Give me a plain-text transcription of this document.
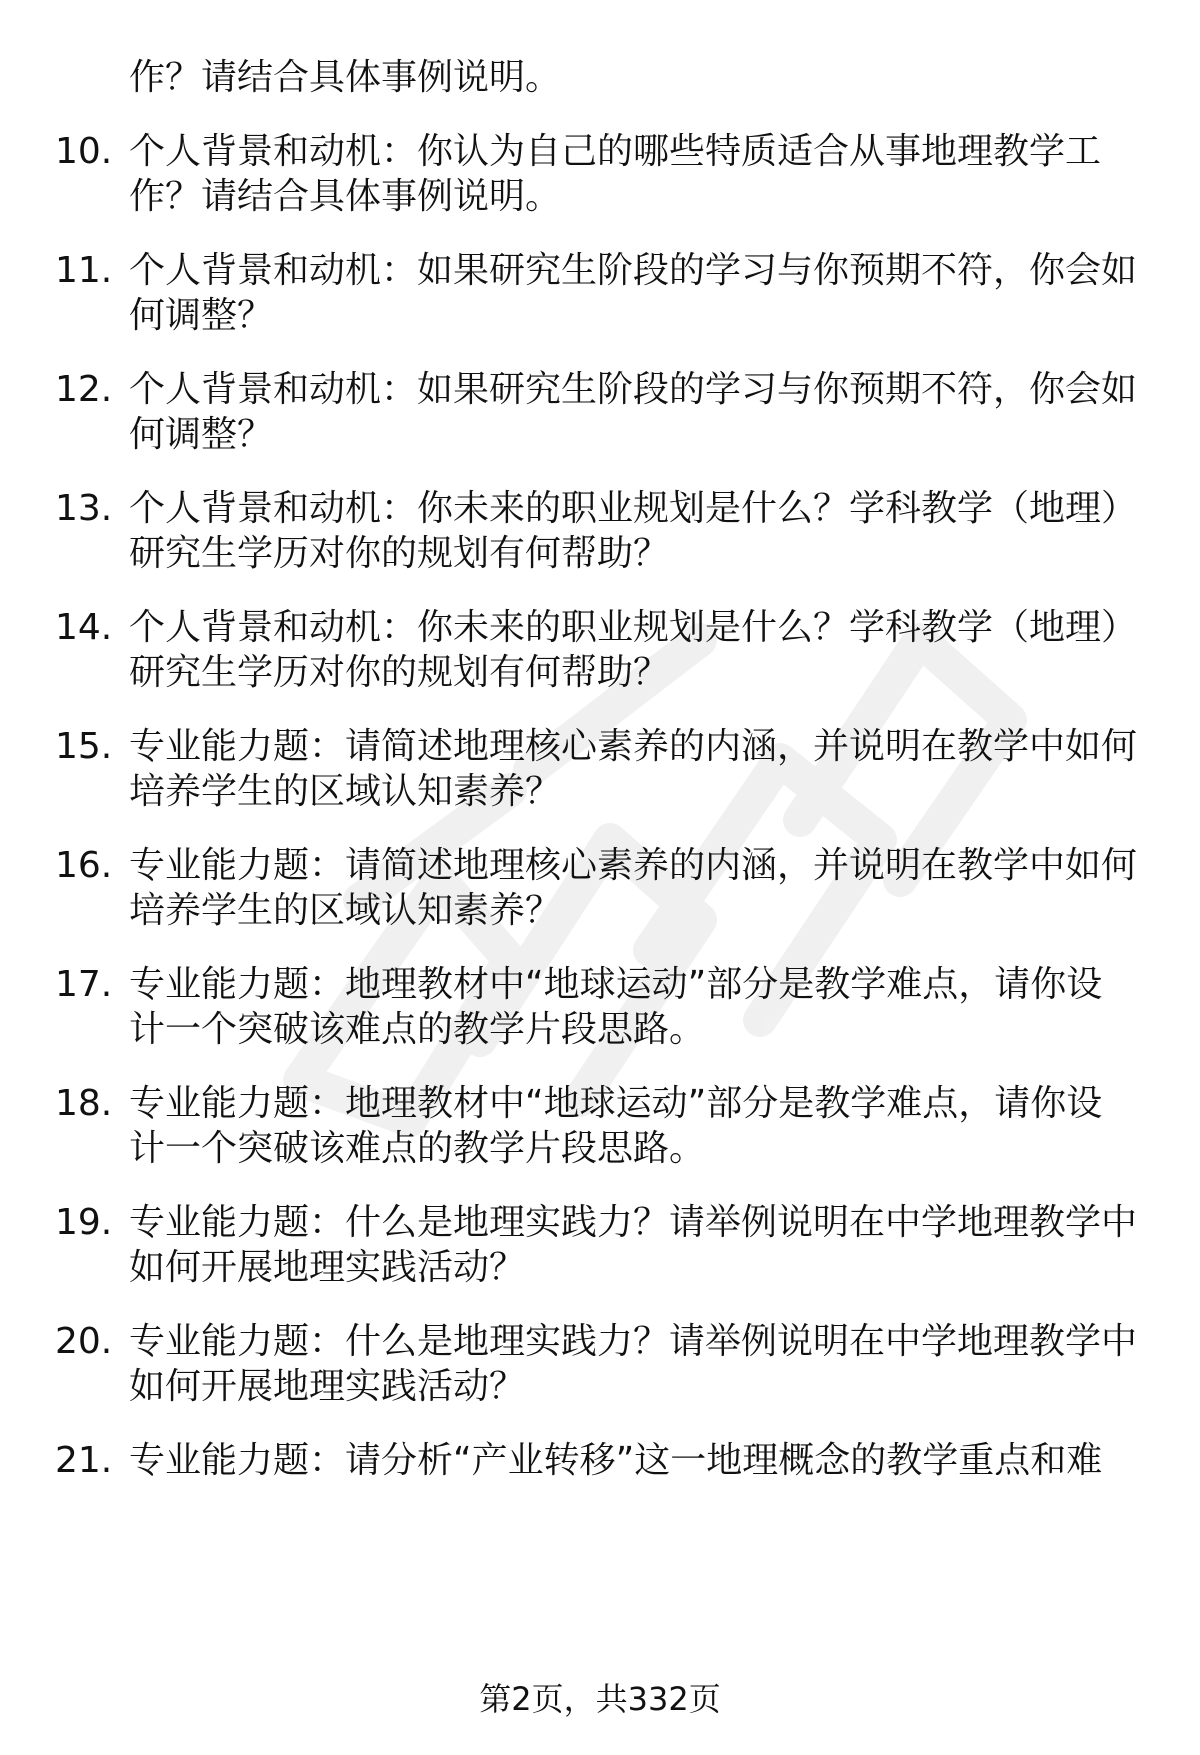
作？请结合具体事例说明。
10. 个人背景和动机：你认为自己的哪些特质适合从事地理教学工
作？请结合具体事例说明。
11. 个人背景和动机：如果研究生阶段的学习与你预期不符，你会如
何调整？
12. 个人背景和动机：如果研究生阶段的学习与你预期不符，你会如
何调整？
13. 个人背景和动机：你未来的职业规划是什么？学科教学（地理）
研究生学历对你的规划有何帮助？
14. 个人背景和动机：你未来的职业规划是什么？学科教学（地理）
研究生学历对你的规划有何帮助？
15. 专业能力题：请简述地理核心素养的内涵，并说明在教学中如何
培养学生的区域认知素养？
16. 专业能力题：请简述地理核心素养的内涵，并说明在教学中如何
培养学生的区域认知素养？
17. 专业能力题：地理教材中“地球运动”部分是教学难点，请你设
计一个突破该难点的教学片段思路。
18. 专业能力题：地理教材中“地球运动”部分是教学难点，请你设
计一个突破该难点的教学片段思路。
19. 专业能力题：什么是地理实践力？请举例说明在中学地理教学中
如何开展地理实践活动？
20. 专业能力题：什么是地理实践力？请举例说明在中学地理教学中
如何开展地理实践活动？
21. 专业能力题：请分析“产业转移”这一地理概念的教学重点和难
第2页，共332页
